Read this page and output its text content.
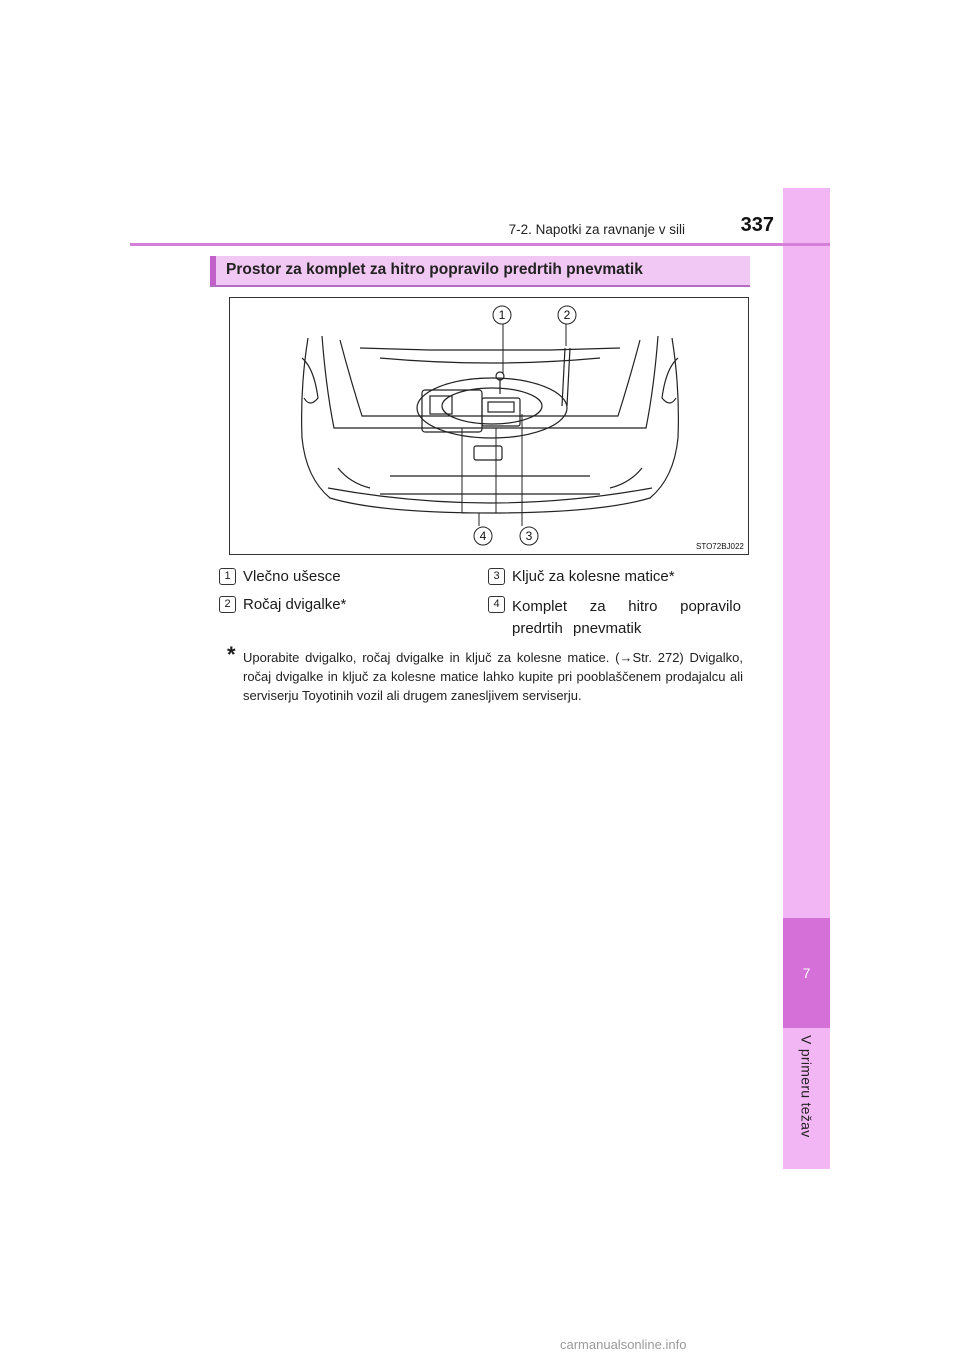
7
V primeru težav
7-2. Napotki za ravnanje v sili	337
Prostor za komplet za hitro popravilo predrtih pnevmatik
1	2
3
4
STO72BJ022
1 Vlečno ušesce
2 Ročaj dvigalke*
3 Ključ za kolesne matice*
4 Komplet za hitro popravilo predrtih pnevmatik
* Uporabite dvigalko, ročaj dvigalke in ključ za kolesne matice. (→Str. 272) Dvigalko, ročaj dvigalke in ključ za kolesne matice lahko kupite pri pooblaščenem prodajalcu ali serviserju Toyotinih vozil ali drugem zanesljivem serviserju.
carmanualsonline.info
